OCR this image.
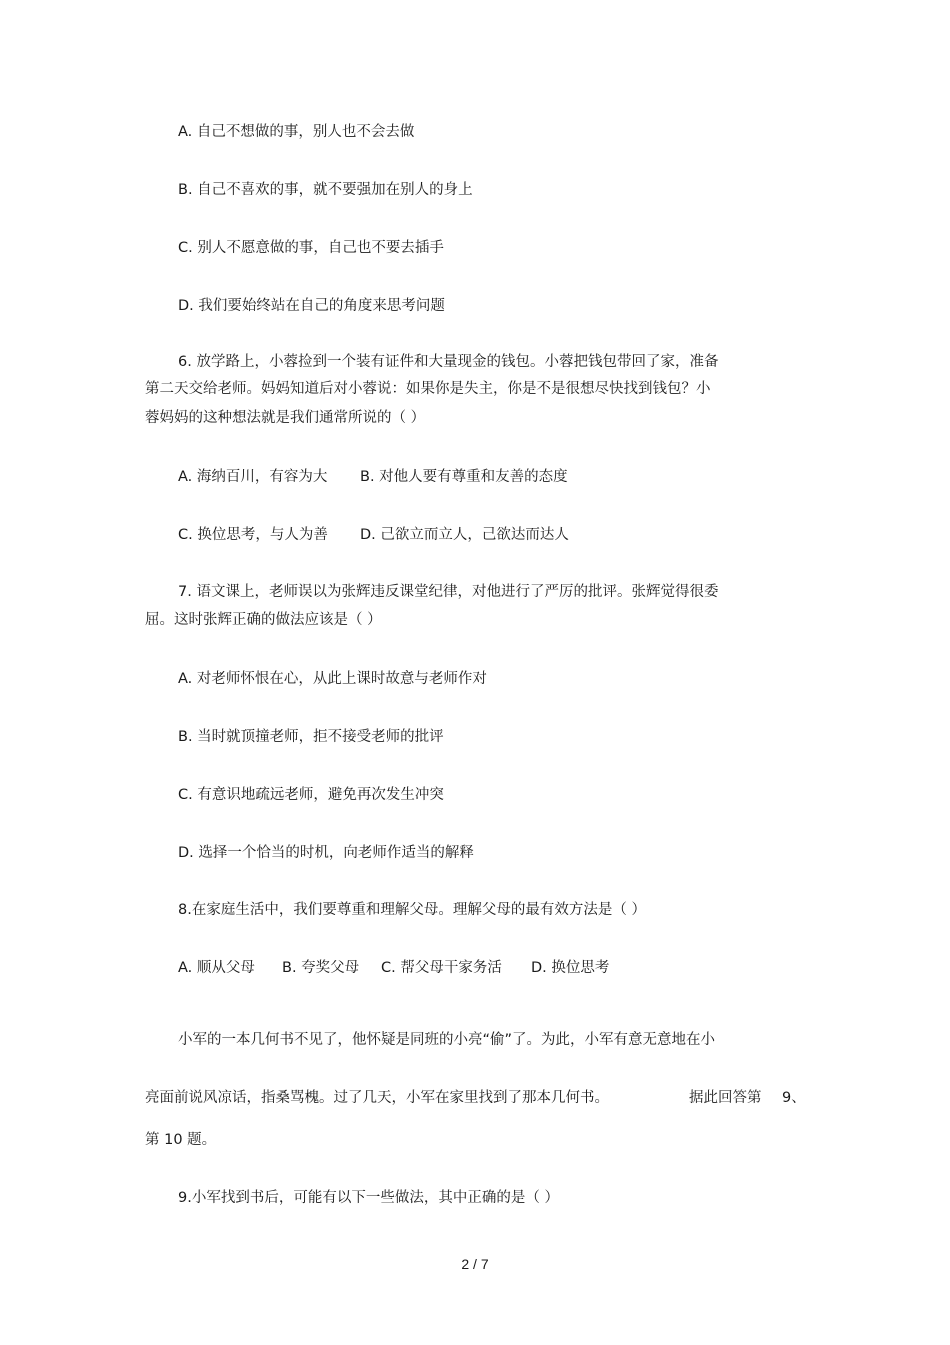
A. 自己不想做的事，别人也不会去做
B. 自己不喜欢的事，就不要强加在别人的身上
C. 别人不愿意做的事，自己也不要去插手
D. 我们要始终站在自己的角度来思考问题
6. 放学路上，小蓉捡到一个装有证件和大量现金的钱包。小蓉把钱包带回了家，准备
第二天交给老师。妈妈知道后对小蓉说：如果你是失主，你是不是很想尽快找到钱包？小
蓉妈妈的这种想法就是我们通常所说的（ ）
A. 海纳百川，有容为大 B. 对他人要有尊重和友善的态度
C. 换位思考，与人为善 D. 己欲立而立人，己欲达而达人
7. 语文课上，老师误以为张辉违反课堂纪律，对他进行了严厉的批评。张辉觉得很委
屈。这时张辉正确的做法应该是（ ）
A. 对老师怀恨在心，从此上课时故意与老师作对
B. 当时就顶撞老师，拒不接受老师的批评
C. 有意识地疏远老师，避免再次发生冲突
D. 选择一个恰当的时机，向老师作适当的解释
8.在家庭生活中，我们要尊重和理解父母。理解父母的最有效方法是（ ）
A. 顺从父母 B. 夸奖父母 C. 帮父母干家务活 D. 换位思考
小军的一本几何书不见了，他怀疑是同班的小亮“偷”了。为此，小军有意无意地在小
亮面前说风凉话，指桑骂槐。过了几天，小军在家里找到了那本几何书。	据此回答第 9、
第 10 题。
9.小军找到书后，可能有以下一些做法，其中正确的是（ ）
2 / 7
